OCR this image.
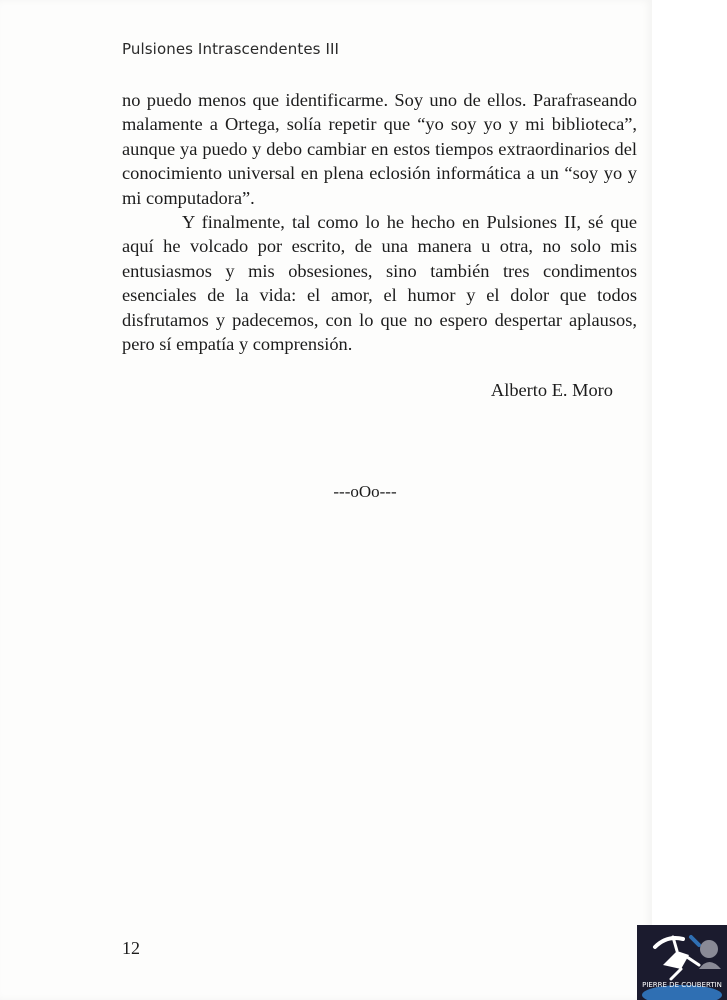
Pulsiones Intrascendentes III

no puedo menos que identificarme. Soy uno de ellos. Parafraseando malamente a Ortega, solía repetir que “yo soy yo y mi biblioteca”, aunque ya puedo y debo cambiar en estos tiempos extraordinarios del conocimiento universal en plena eclosión informática a un “soy yo y mi computadora”.

Y finalmente, tal como lo he hecho en Pulsiones II, sé que aquí he volcado por escrito, de una manera u otra, no solo mis entusiasmos y mis obsesiones, sino también tres condimentos esenciales de la vida: el amor, el humor y el dolor que todos disfrutamos y padecemos, con lo que no espero despertar aplausos, pero sí empatía y comprensión.

Alberto E. Moro
---oOo---
12
PIERRE DE COUBERTIN
